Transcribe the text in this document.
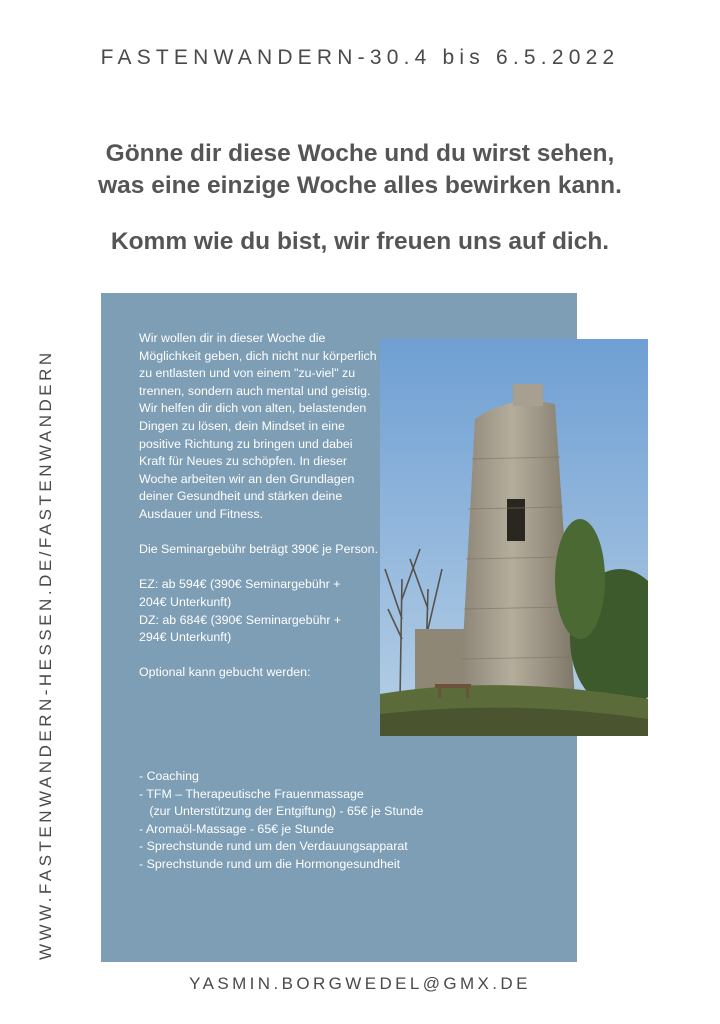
FASTENWANDERN-30.4 bis 6.5.2022
Gönne dir diese Woche und du wirst sehen,
was eine einzige Woche alles bewirken kann.
Komm wie du bist, wir freuen uns auf dich.
WWW.FASTENWANDERN-HESSEN.DE/FASTENWANDERN

Wir wollen dir in dieser Woche die Möglichkeit geben, dich nicht nur körperlich zu entlasten und von einem "zu-viel" zu trennen, sondern auch mental und geistig. Wir helfen dir dich von alten, belastenden Dingen zu lösen, dein Mindset in eine positive Richtung zu bringen und dabei Kraft für Neues zu schöpfen. In dieser Woche arbeiten wir an den Grundlagen deiner Gesundheit und stärken deine Ausdauer und Fitness.

Die Seminargebühr beträgt 390€ je Person.

EZ: ab 594€ (390€ Seminargebühr + 204€ Unterkunft)
DZ: ab 684€ (390€ Seminargebühr + 294€ Unterkunft)
Optional kann gebucht werden:
- Coaching
- TFM – Therapeutische Frauenmassage
(zur Unterstützung der Entgiftung) - 65€ je Stunde
- Aromaöl-Massage - 65€ je Stunde
- Sprechstunde rund um den Verdauungsapparat
- Sprechstunde rund um die Hormongesundheit
YASMIN.BORGWEDEL@GMX.DE
